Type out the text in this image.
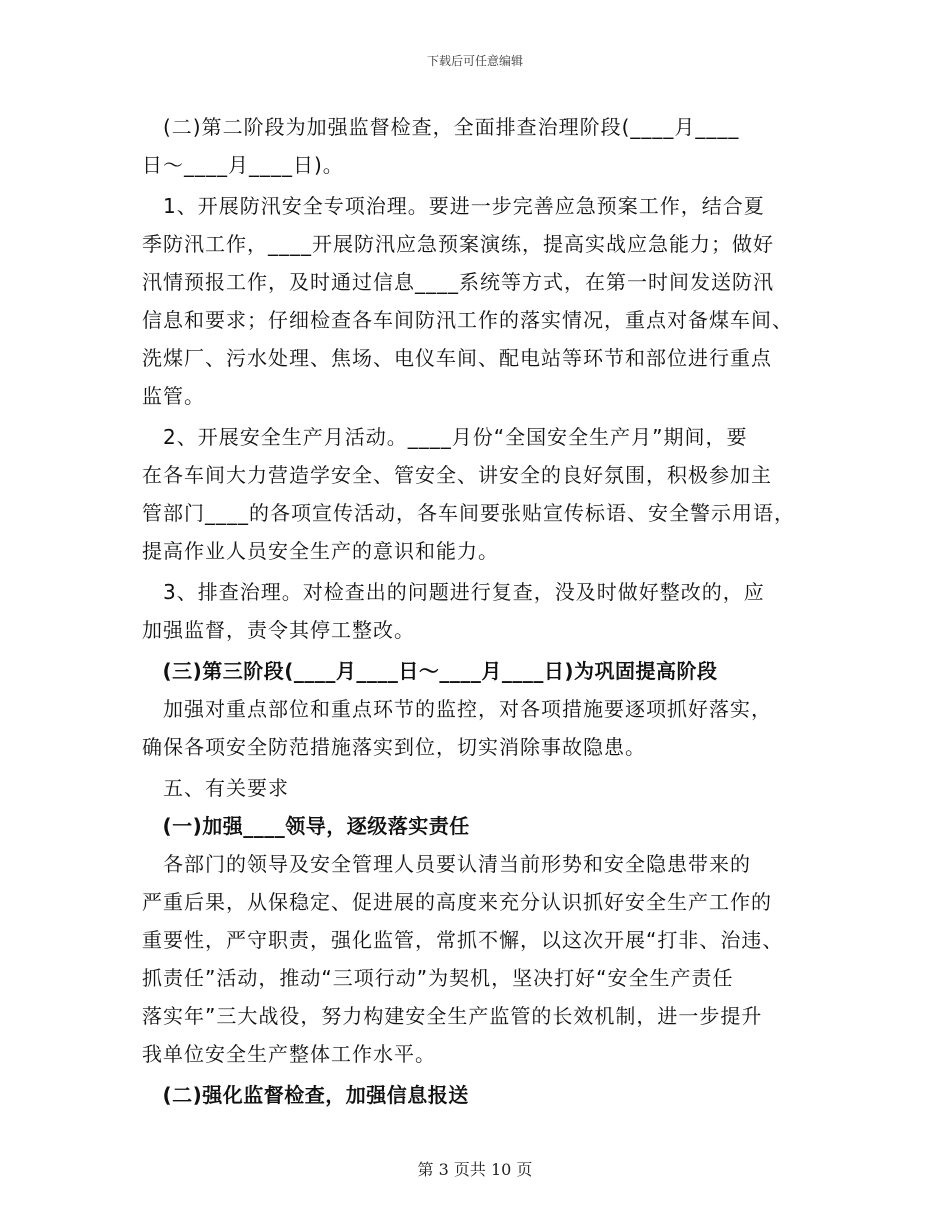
下载后可任意编辑
　(二)第二阶段为加强监督检查，全面排查治理阶段(____月____
日～____月____日)。
　1、开展防汛安全专项治理。要进一步完善应急预案工作，结合夏
季防汛工作，____开展防汛应急预案演练，提高实战应急能力；做好
汛情预报工作，及时通过信息____系统等方式，在第一时间发送防汛
信息和要求；仔细检查各车间防汛工作的落实情况，重点对备煤车间、
洗煤厂、污水处理、焦场、电仪车间、配电站等环节和部位进行重点
监管。
　2、开展安全生产月活动。____月份“全国安全生产月”期间，要
在各车间大力营造学安全、管安全、讲安全的良好氛围，积极参加主
管部门____的各项宣传活动，各车间要张贴宣传标语、安全警示用语，
提高作业人员安全生产的意识和能力。
　3、排查治理。对检查出的问题进行复查，没及时做好整改的，应
加强监督，责令其停工整改。
　(三)第三阶段(____月____日～____月____日)为巩固提高阶段
　加强对重点部位和重点环节的监控，对各项措施要逐项抓好落实，
确保各项安全防范措施落实到位，切实消除事故隐患。
　五、有关要求
　(一)加强____领导，逐级落实责任
　各部门的领导及安全管理人员要认清当前形势和安全隐患带来的
严重后果，从保稳定、促进展的高度来充分认识抓好安全生产工作的
重要性，严守职责，强化监管，常抓不懈，以这次开展“打非、治违、
抓责任”活动，推动“三项行动”为契机，坚决打好“安全生产责任
落实年”三大战役，努力构建安全生产监管的长效机制，进一步提升
我单位安全生产整体工作水平。
　(二)强化监督检查，加强信息报送
第 3 页共 10 页
